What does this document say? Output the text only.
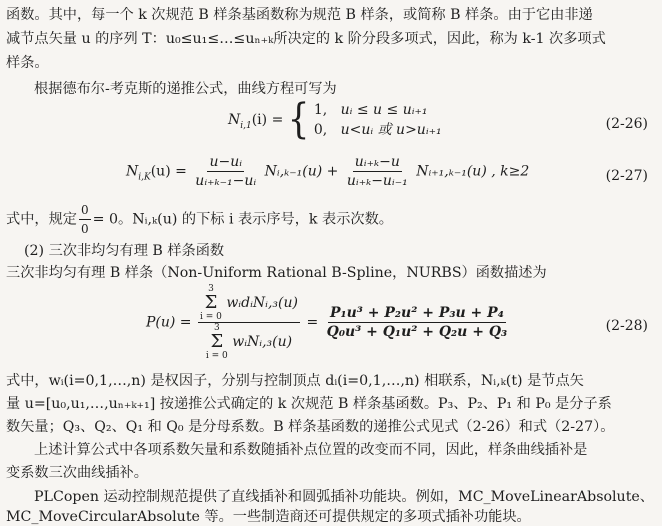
函数。其中，每一个 k 次规范 B 样条基函数称为规范 B 样条，或简称 B 样条。由于它由非递
减节点矢量 u 的序列 T：u₀≤u₁≤…≤uₙ₊ₖ所决定的 k 阶分段多项式，因此，称为 k-1 次多项式
样条。
根据德布尔-考克斯的递推公式，曲线方程可写为
$N_{i,1}(i)$ = { 1, uᵢ ≤ u ≤ uᵢ₊₁
0, u<uᵢ 或 u>uᵢ₊₁	(2-26)
$N_{i,K}(u) = \frac{\text{u−uᵢ}}{\text{uᵢ₊ₖ₋₁−uᵢ}}$ Nᵢ,ₖ₋₁(u) + $\frac{\text{uᵢ₊ₖ−u}}{\text{uᵢ₊ₖ−uᵢ₋₁}}$ Nᵢ₊₁,ₖ₋₁(u) , k≥2	(2-27)
式中，规定 $\frac{0}{0} = 0$。Nᵢ,ₖ(u) 的下标 i 表示序号，k 表示次数。
(2) 三次非均匀有理 B 样条函数
三次非均匀有理 B 样条（Non-Uniform Rational B-Spline，NURBS）函数描述为
P(u) = 3
Σ
i = 0
wᵢdᵢNᵢ,₃(u)
3
Σ
i = 0
wᵢNᵢ,₃(u) = $\frac{\text{P₁u³ + P₂u² + P₃u + P₄}}{\text{Q₀u³ + Q₁u² + Q₂u + Q₃}}$	(2-28)
式中，wᵢ(i=0,1,…,n) 是权因子，分别与控制顶点 dᵢ(i=0,1,…,n) 相联系，Nᵢ,ₖ(t) 是节点矢
量 u=[u₀,u₁,…,uₙ₊ₖ₊₁] 按递推公式确定的 k 次规范 B 样条基函数。P₃、P₂、P₁ 和 P₀ 是分子系
数矢量；Q₃、Q₂、Q₁ 和 Q₀ 是分母系数。B 样条基函数的递推公式见式（2-26）和式（2-27）。
上述计算公式中各项系数矢量和系数随插补点位置的改变而不同，因此，样条曲线插补是
变系数三次曲线插补。
PLCopen 运动控制规范提供了直线插补和圆弧插补功能块。例如，MC_MoveLinearAbsolute、
MC_MoveCircularAbsolute 等。一些制造商还可提供规定的多项式插补功能块。
